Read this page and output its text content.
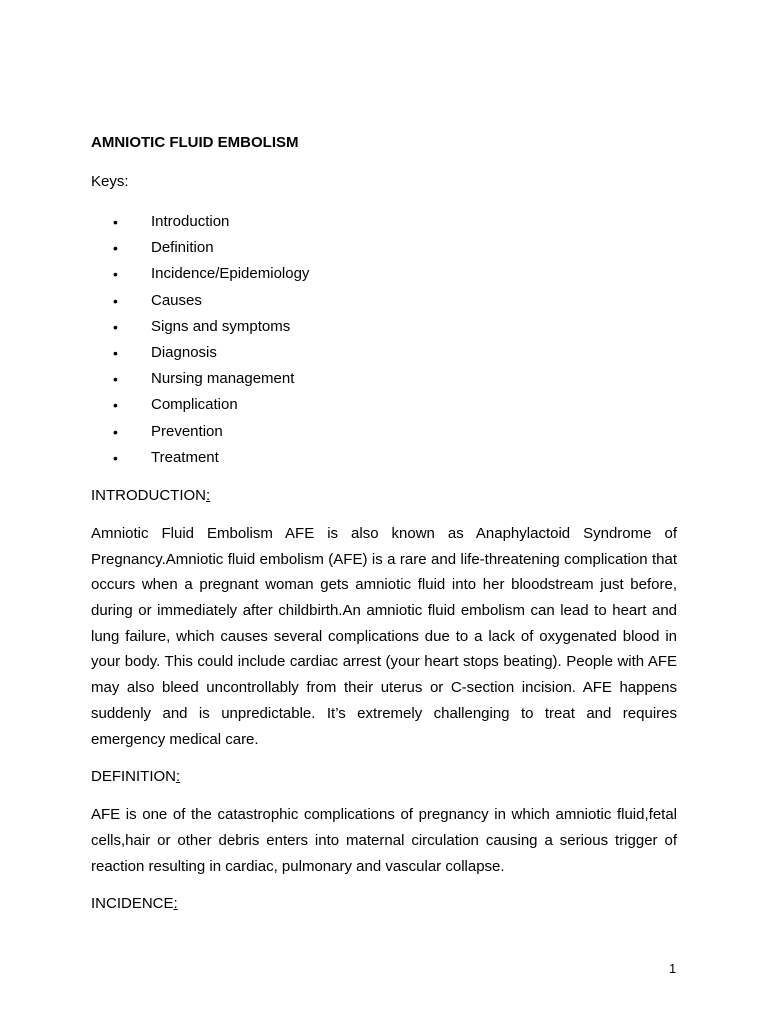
AMNIOTIC FLUID EMBOLISM

Keys:

• Introduction
• Definition
• Incidence/Epidemiology
• Causes
• Signs and symptoms
• Diagnosis
• Nursing management
• Complication
• Prevention
• Treatment

INTRODUCTION:

Amniotic Fluid Embolism AFE is also known as Anaphylactoid Syndrome of Pregnancy.Amniotic fluid embolism (AFE) is a rare and life-threatening complication that occurs when a pregnant woman gets amniotic fluid into her bloodstream just before, during or immediately after childbirth.An amniotic fluid embolism can lead to heart and lung failure, which causes several complications due to a lack of oxygenated blood in your body. This could include cardiac arrest (your heart stops beating). People with AFE may also bleed uncontrollably from their uterus or C-section incision. AFE happens suddenly and is unpredictable. It’s extremely challenging to treat and requires emergency medical care.

DEFINITION:

AFE is one of the catastrophic complications of pregnancy in which amniotic fluid,fetal cells,hair or other debris enters into maternal circulation causing a serious trigger of reaction resulting in cardiac, pulmonary and vascular collapse.

INCIDENCE:

1
